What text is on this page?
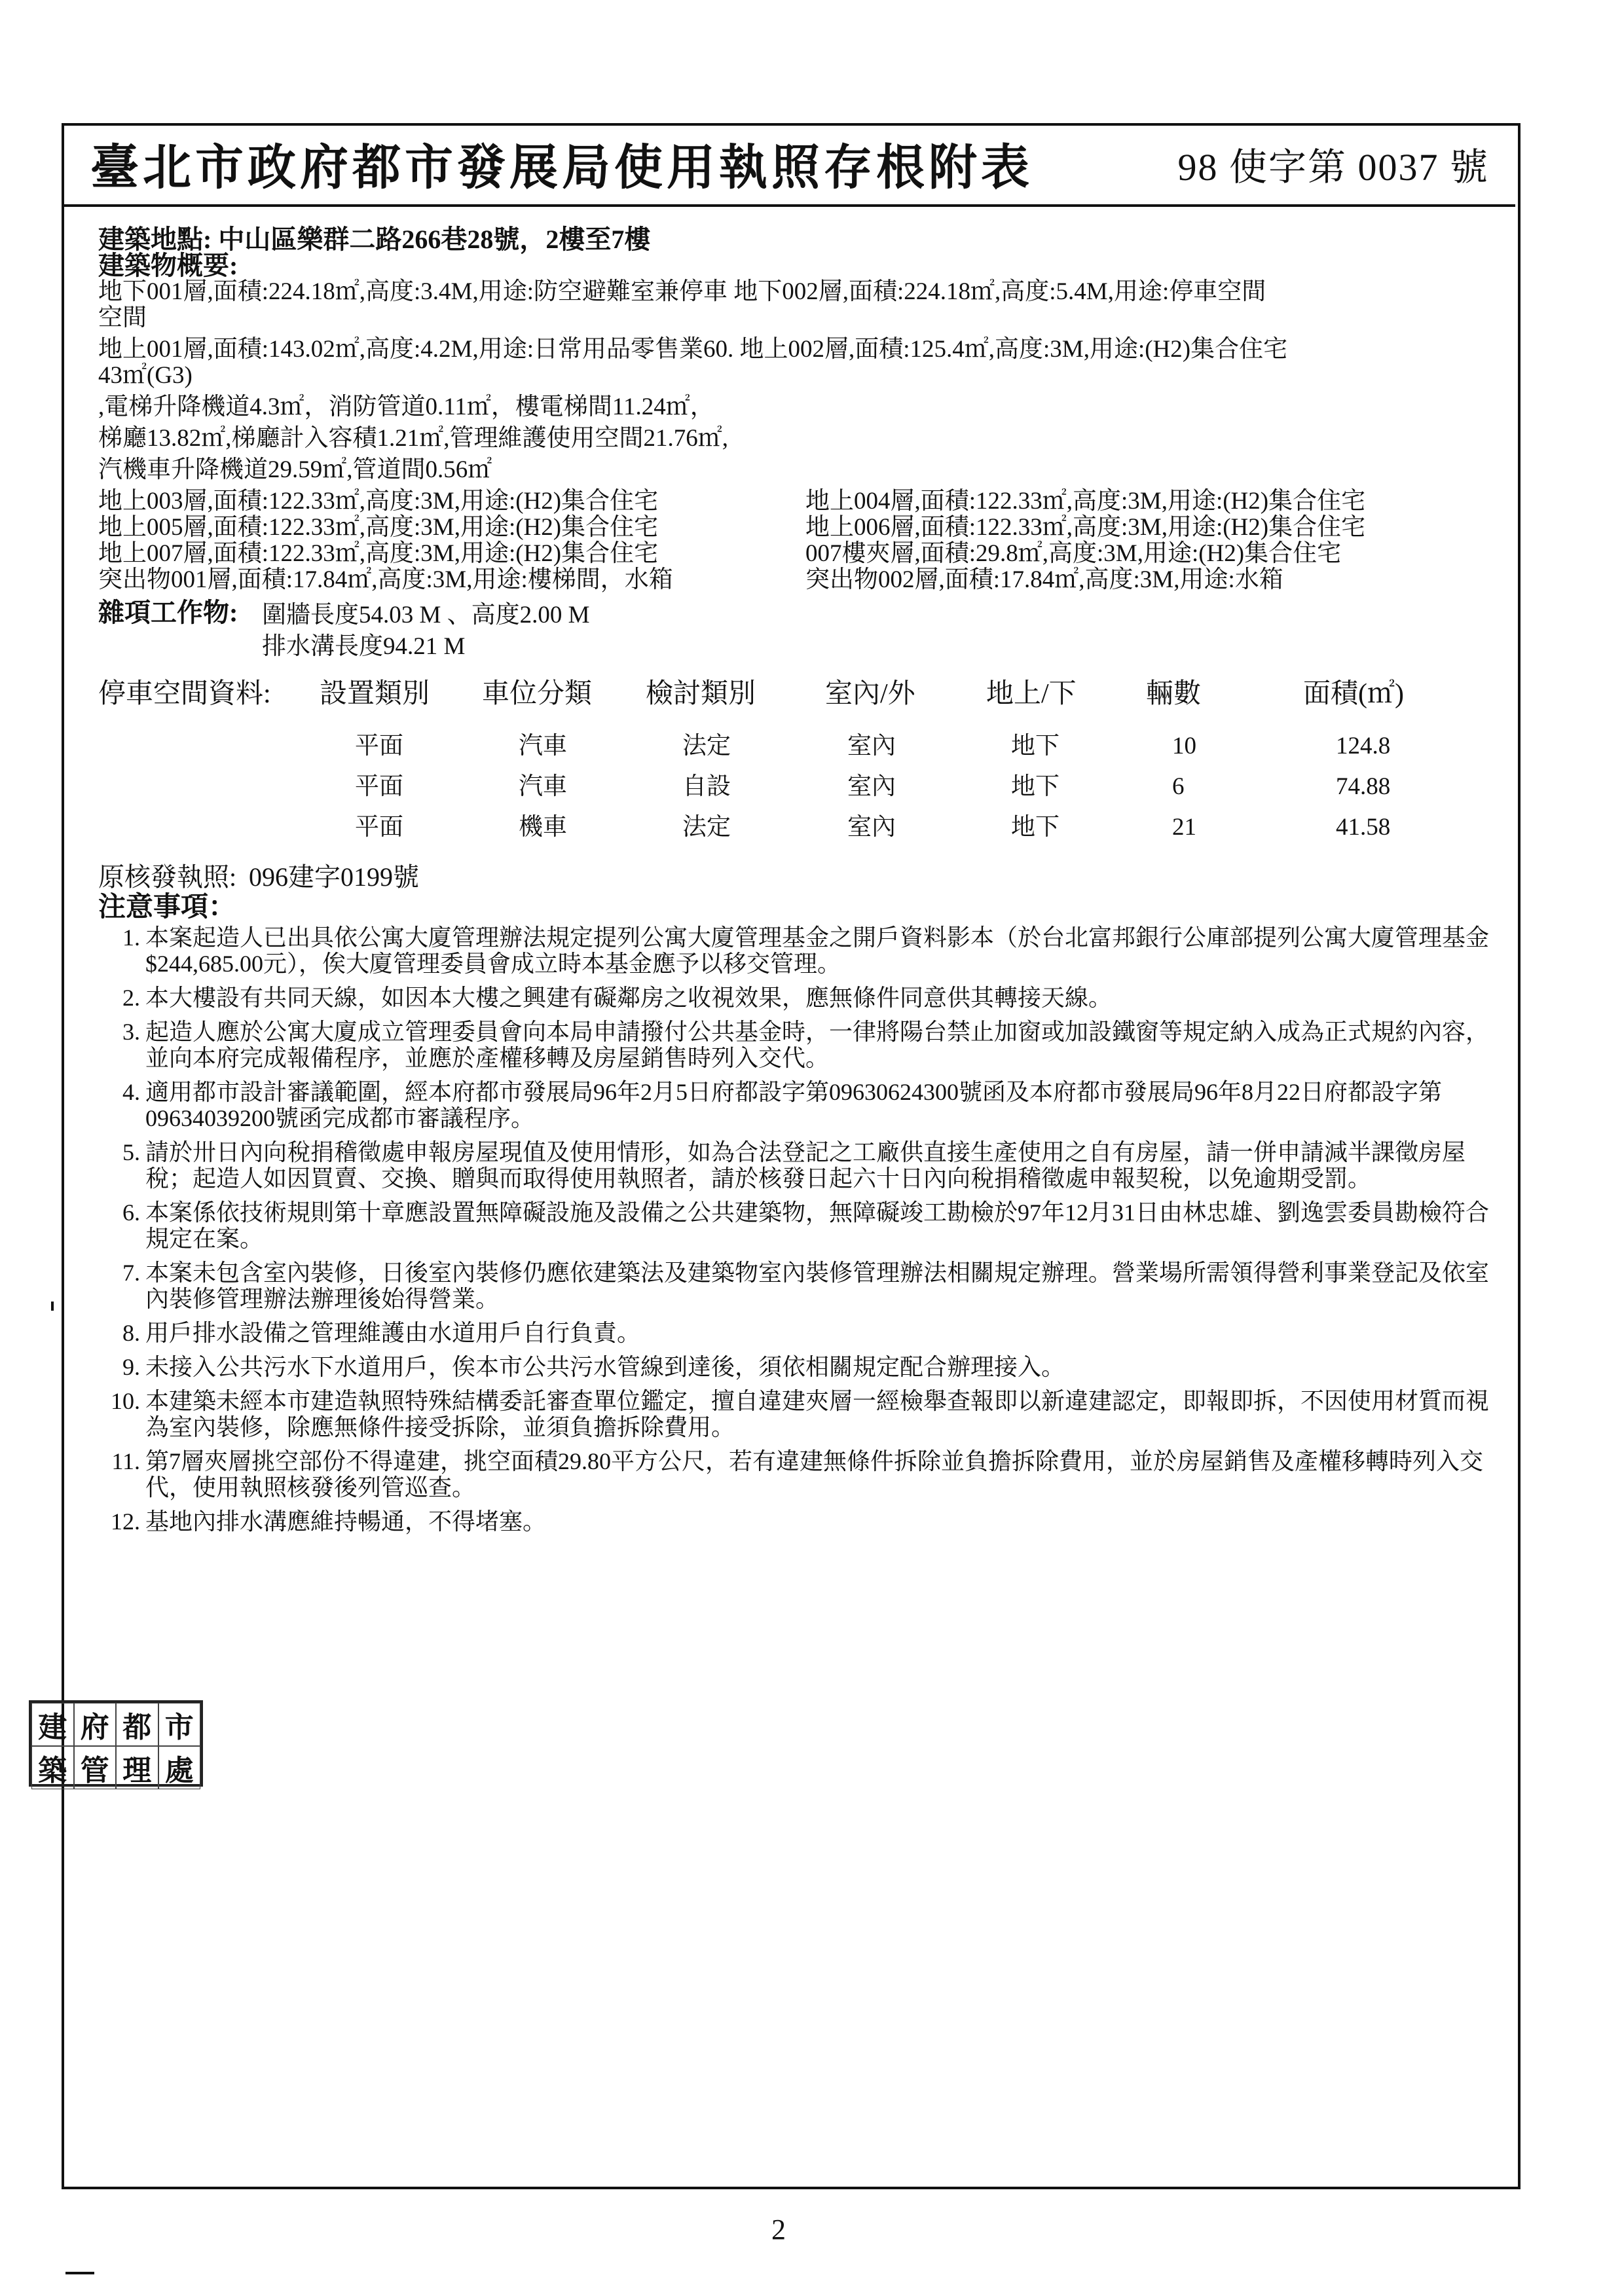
臺北市政府都市發展局使用執照存根附表	98 使字第 0037 號
建築地點: 中山區樂群二路266巷28號，2樓至7樓
建築物概要:
地下001層,面積:224.18㎡,高度:3.4M,用途:防空避難室兼停車 地下002層,面積:224.18㎡,高度:5.4M,用途:停車空間
空間
地上001層,面積:143.02㎡,高度:4.2M,用途:日常用品零售業60. 地上002層,面積:125.4㎡,高度:3M,用途:(H2)集合住宅
43㎡(G3)
,電梯升降機道4.3㎡，消防管道0.11㎡，樓電梯間11.24㎡，
梯廳13.82㎡,梯廳計入容積1.21㎡,管理維護使用空間21.76㎡,
汽機車升降機道29.59㎡,管道間0.56㎡
地上003層,面積:122.33㎡,高度:3M,用途:(H2)集合住宅	地上004層,面積:122.33㎡,高度:3M,用途:(H2)集合住宅
地上005層,面積:122.33㎡,高度:3M,用途:(H2)集合住宅	地上006層,面積:122.33㎡,高度:3M,用途:(H2)集合住宅
地上007層,面積:122.33㎡,高度:3M,用途:(H2)集合住宅	007樓夾層,面積:29.8㎡,高度:3M,用途:(H2)集合住宅
突出物001層,面積:17.84㎡,高度:3M,用途:樓梯間，水箱	突出物002層,面積:17.84㎡,高度:3M,用途:水箱
雜項工作物: 圍牆長度54.03 M 、高度2.00 M
排水溝長度94.21 M
停車空間資料: 設置類別 車位分類 檢討類別	室內/外	地上/下	輛數	面積(㎡)
平面	汽車	法定	室內	地下	10	124.8
平面	汽車	自設	室內	地下	6	74.88
平面	機車	法定	室內	地下	21	41.58
原核發執照: 096建字0199號
注意事項：
1. 本案起造人已出具依公寓大廈管理辦法規定提列公寓大廈管理基金之開戶資料影本（於台北富邦銀行公庫部提列公寓大廈管理基金$244,685.00元），俟大廈管理委員會成立時本基金應予以移交管理。
2. 本大樓設有共同天線，如因本大樓之興建有礙鄰房之收視效果，應無條件同意供其轉接天線。
3. 起造人應於公寓大廈成立管理委員會向本局申請撥付公共基金時，一律將陽台禁止加窗或加設鐵窗等規定納入成為正式規約內容，並向本府完成報備程序，並應於產權移轉及房屋銷售時列入交代。
4. 適用都市設計審議範圍，經本府都市發展局96年2月5日府都設字第09630624300號函及本府都市發展局96年8月22日府都設字第09634039200號函完成都市審議程序。
5. 請於卅日內向稅捐稽徵處申報房屋現值及使用情形，如為合法登記之工廠供直接生產使用之自有房屋，請一併申請減半課徵房屋稅；起造人如因買賣、交換、贈與而取得使用執照者，請於核發日起六十日內向稅捐稽徵處申報契稅，以免逾期受罰。
6. 本案係依技術規則第十章應設置無障礙設施及設備之公共建築物，無障礙竣工勘檢於97年12月31日由林忠雄、劉逸雲委員勘檢符合規定在案。
7. 本案未包含室內裝修，日後室內裝修仍應依建築法及建築物室內裝修管理辦法相關規定辦理。營業場所需領得營利事業登記及依室內裝修管理辦法辦理後始得營業。
8. 用戶排水設備之管理維護由水道用戶自行負責。
9. 未接入公共污水下水道用戶，俟本市公共污水管線到達後，須依相關規定配合辦理接入。
10. 本建築未經本市建造執照特殊結構委託審查單位鑑定，擅自違建夾層一經檢舉查報即以新違建認定，即報即拆，不因使用材質而視為室內裝修，除應無條件接受拆除，並須負擔拆除費用。
11. 第7層夾層挑空部份不得違建，挑空面積29.80平方公尺，若有違建無條件拆除並負擔拆除費用，並於房屋銷售及產權移轉時列入交代，使用執照核發後列管巡查。
12. 基地內排水溝應維持暢通，不得堵塞。
建 府 都 市
築 管 理 處
2
